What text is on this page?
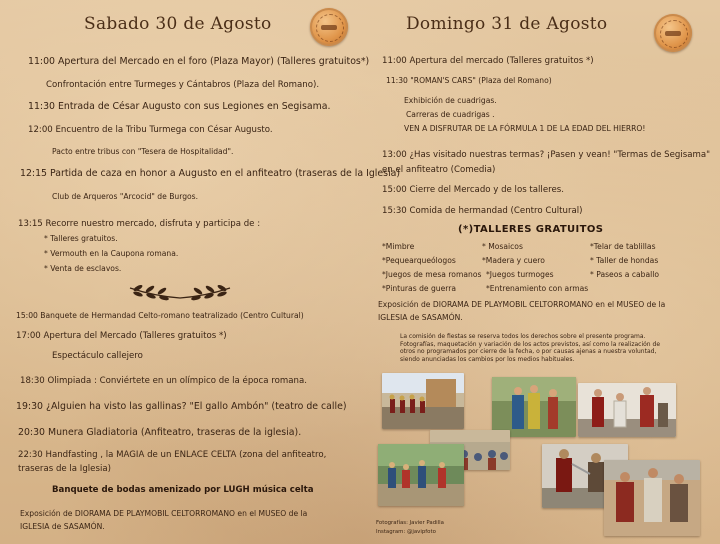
Sabado 30 de Agosto
11:00 Apertura del Mercado en el foro (Plaza Mayor) (Talleres gratuitos*)
Confrontación entre Turmeges y Cántabros (Plaza del Romano).
11:30 Entrada de César Augusto con sus Legiones en Segisama.
12:00 Encuentro de la Tribu Turmega con César Augusto.
Pacto entre tribus con "Tesera de Hospitalidad".
12:15 Partida de caza en honor a Augusto en el anfiteatro (traseras de la Iglesia)
Club de Arqueros "Arcocid" de Burgos.
13:15 Recorre nuestro mercado, disfruta y participa de :
* Talleres gratuitos.
* Vermouth en la Caupona romana.
* Venta de esclavos.
15:00 Banquete de Hermandad Celto-romano teatralizado (Centro Cultural)
17:00 Apertura del Mercado (Talleres gratuitos *)
Espectáculo callejero
18:30 Olimpiada : Conviértete en un olímpico de la época romana.
19:30 ¿Alguien ha visto las gallinas? "El gallo Ambón" (teatro de calle)
20:30 Munera Gladiatoria (Anfiteatro, traseras de la iglesia).
22:30 Handfasting , la MAGIA de un ENLACE CELTA (zona del anfiteatro,
traseras de la Iglesia)
Banquete de bodas amenizado por LUGH música celta
Exposición de DIORAMA DE PLAYMOBIL CELTORROMANO en el MUSEO de la
IGLESIA de SASAMÓN.
Domingo 31 de Agosto
11:00 Apertura del mercado (Talleres gratuitos *)
11:30 "ROMAN'S CARS" (Plaza del Romano)
Exhibición de cuadrigas.
Carreras de cuadrigas .
VEN A DISFRUTAR DE LA FÓRMULA 1 DE LA EDAD DEL HIERRO!
13:00 ¿Has visitado nuestras termas? ¡Pasen y vean! "Termas de Segisama"
en el anfiteatro (Comedia)
15:00 Cierre del Mercado y de los talleres.
15:30 Comida de hermandad (Centro Cultural)
(*)TALLERES GRATUITOS
*Mimbre	* Mosaicos	*Telar de tablillas
*Pequearqueólogos	*Madera y cuero	* Taller de hondas
*Juegos de mesa romanos *Juegos turmoges	* Paseos a caballo
*Pinturas de guerra	*Entrenamiento con armas
Exposición de DIORAMA DE PLAYMOBIL CELTORROMANO en el MUSEO de la
IGLESIA de SASAMÓN.
La comisión de fiestas se reserva todos los derechos sobre el presente programa. Fotografías, maquetación y variación de los actos previstos, así como la realización de otros no programados por cierre de la fecha, o por causas ajenas a nuestra voluntad, siendo anunciadas los cambios por los medios habituales.
Fotografías: Javier Padilla
Instagram: @javipfoto
